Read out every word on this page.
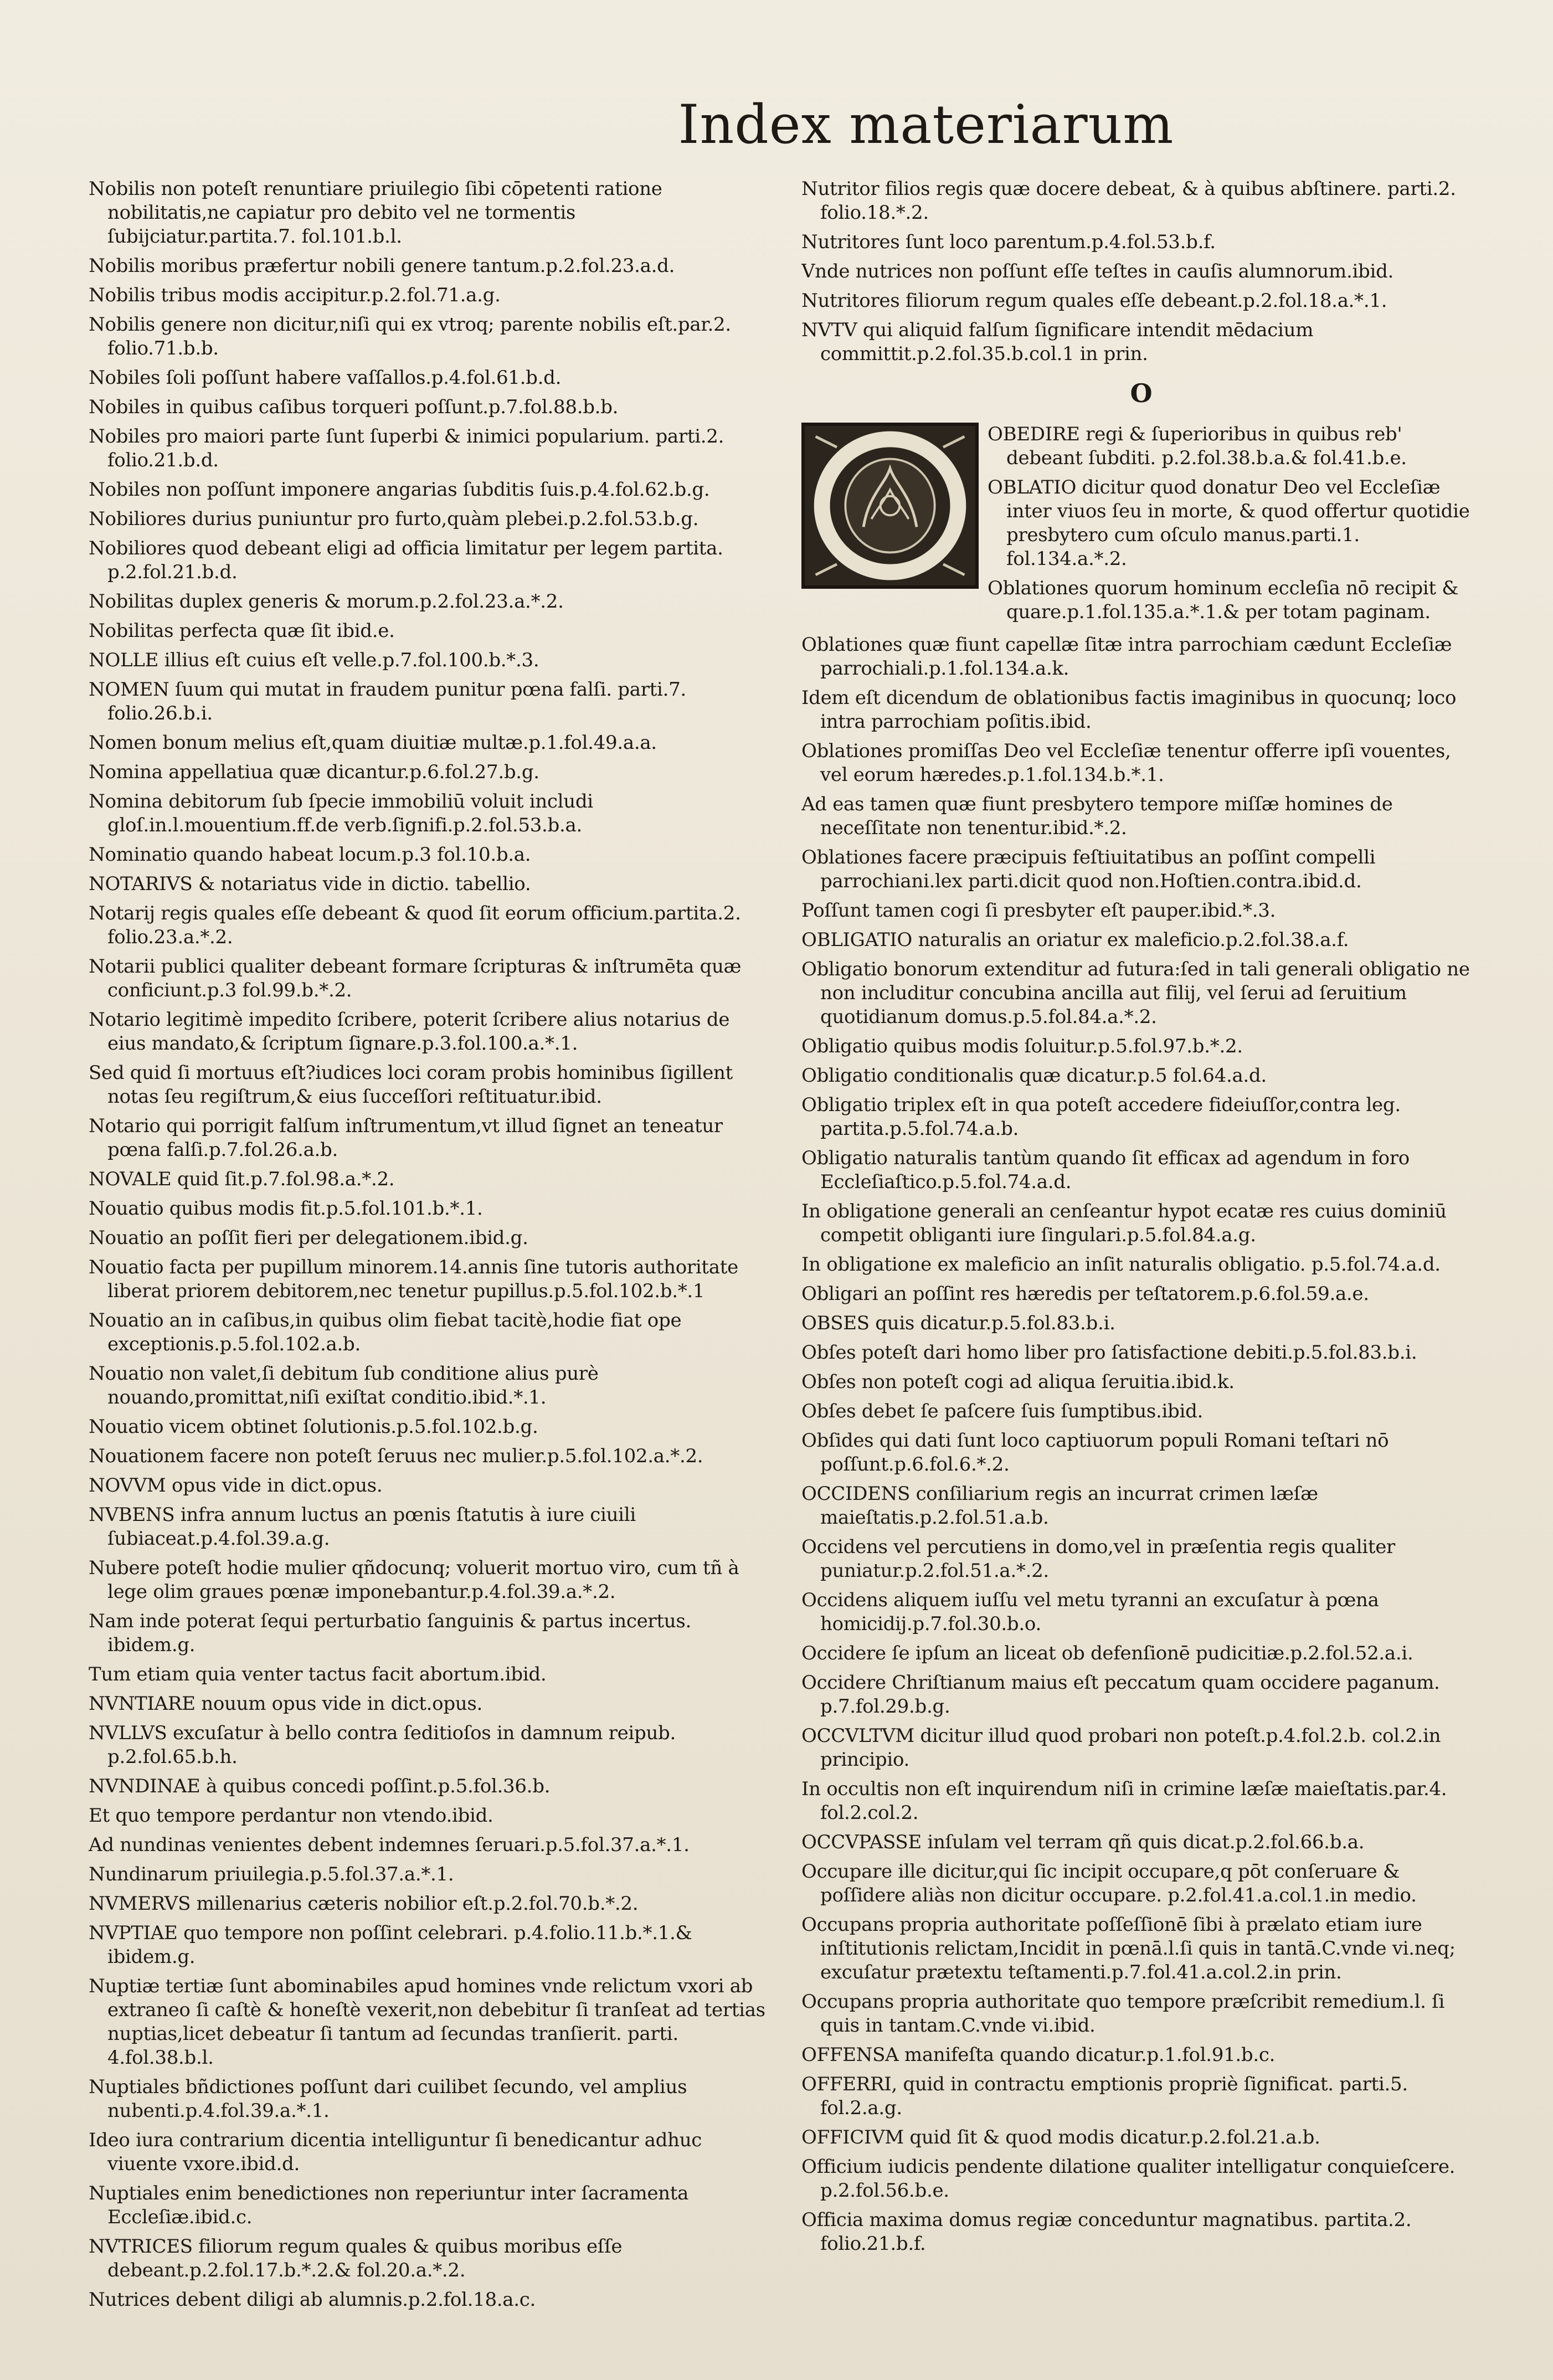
Index materiarum
Nobilis non poteſt renuntiare priuilegio ſibi cōpetenti ratione nobilitatis,ne capiatur pro debito vel ne tormentis ſubijciatur.partita.7. fol.101.b.l.
Nobilis moribus præfertur nobili genere tantum.p.2.fol.23.a.d.
Nobilis tribus modis accipitur.p.2.fol.71.a.g.
Nobilis genere non dicitur,niſi qui ex vtroq; parente nobilis eſt.par.2. folio.71.b.b.
Nobiles ſoli poſſunt habere vaſſallos.p.4.fol.61.b.d.
Nobiles in quibus caſibus torqueri poſſunt.p.7.fol.88.b.b.
Nobiles pro maiori parte ſunt ſuperbi & inimici popularium. parti.2. folio.21.b.d.
Nobiles non poſſunt imponere angarias ſubditis ſuis.p.4.fol.62.b.g.
Nobiliores durius puniuntur pro furto,quàm plebei.p.2.fol.53.b.g.
Nobiliores quod debeant eligi ad officia limitatur per legem partita. p.2.fol.21.b.d.
Nobilitas duplex generis & morum.p.2.fol.23.a.*.2.
Nobilitas perfecta quæ ſit ibid.e.
NOLLE illius eſt cuius eſt velle.p.7.fol.100.b.*.3.
NOMEN ſuum qui mutat in fraudem punitur pœna falſi. parti.7. folio.26.b.i.
Nomen bonum melius eſt,quam diuitiæ multæ.p.1.fol.49.a.a.
Nomina appellatiua quæ dicantur.p.6.fol.27.b.g.
Nomina debitorum ſub ſpecie immobiliū voluit includi gloſ.in.l.mouentium.ff.de verb.ſignifi.p.2.fol.53.b.a.
Nominatio quando habeat locum.p.3 fol.10.b.a.
NOTARIVS & notariatus vide in dictio. tabellio.
Notarij regis quales eſſe debeant & quod ſit eorum officium.partita.2. folio.23.a.*.2.
Notarii publici qualiter debeant formare ſcripturas & inſtrumēta quæ conficiunt.p.3 fol.99.b.*.2.
Notario legitimè impedito ſcribere, poterit ſcribere alius notarius de eius mandato,& ſcriptum ſignare.p.3.fol.100.a.*.1.
Sed quid ſi mortuus eſt?iudices loci coram probis hominibus ſigillent notas ſeu regiſtrum,& eius ſucceſſori reſtituatur.ibid.
Notario qui porrigit falſum inſtrumentum,vt illud ſignet an teneatur pœna falſi.p.7.fol.26.a.b.
NOVALE quid ſit.p.7.fol.98.a.*.2.
Nouatio quibus modis fit.p.5.fol.101.b.*.1.
Nouatio an poſſit fieri per delegationem.ibid.g.
Nouatio facta per pupillum minorem.14.annis ſine tutoris authoritate liberat priorem debitorem,nec tenetur pupillus.p.5.fol.102.b.*.1
Nouatio an in caſibus,in quibus olim fiebat tacitè,hodie fiat ope exceptionis.p.5.fol.102.a.b.
Nouatio non valet,ſi debitum ſub conditione alius purè nouando,promittat,niſi exiſtat conditio.ibid.*.1.
Nouatio vicem obtinet ſolutionis.p.5.fol.102.b.g.
Nouationem facere non poteſt ſeruus nec mulier.p.5.fol.102.a.*.2.
NOVVM opus vide in dict.opus.
NVBENS infra annum luctus an pœnis ſtatutis à iure ciuili ſubiaceat.p.4.fol.39.a.g.
Nubere poteſt hodie mulier qñdocunq; voluerit mortuo viro, cum tñ à lege olim graues pœnæ imponebantur.p.4.fol.39.a.*.2.
Nam inde poterat ſequi perturbatio ſanguinis & partus incertus. ibidem.g.
Tum etiam quia venter tactus facit abortum.ibid.
NVNTIARE nouum opus vide in dict.opus.
NVLLVS excuſatur à bello contra ſeditioſos in damnum reipub. p.2.fol.65.b.h.
NVNDINAE à quibus concedi poſſint.p.5.fol.36.b.
Et quo tempore perdantur non vtendo.ibid.
Ad nundinas venientes debent indemnes ſeruari.p.5.fol.37.a.*.1.
Nundinarum priuilegia.p.5.fol.37.a.*.1.
NVMERVS millenarius cæteris nobilior eſt.p.2.fol.70.b.*.2.
NVPTIAE quo tempore non poſſint celebrari. p.4.folio.11.b.*.1.& ibidem.g.
Nuptiæ tertiæ ſunt abominabiles apud homines vnde relictum vxori ab extraneo ſi caſtè & honeſtè vexerit,non debebitur ſi tranſeat ad tertias nuptias,licet debeatur ſi tantum ad ſecundas tranſierit. parti. 4.fol.38.b.l.
Nuptiales bñdictiones poſſunt dari cuilibet ſecundo, vel amplius nubenti.p.4.fol.39.a.*.1.
Ideo iura contrarium dicentia intelliguntur ſi benedicantur adhuc viuente vxore.ibid.d.
Nuptiales enim benedictiones non reperiuntur inter ſacramenta Eccleſiæ.ibid.c.
NVTRICES filiorum regum quales & quibus moribus eſſe debeant.p.2.fol.17.b.*.2.& fol.20.a.*.2.
Nutrices debent diligi ab alumnis.p.2.fol.18.a.c.
Nutritor filios regis quæ docere debeat, & à quibus abſtinere. parti.2. folio.18.*.2.
Nutritores ſunt loco parentum.p.4.fol.53.b.f.
Vnde nutrices non poſſunt eſſe teſtes in cauſis alumnorum.ibid.
Nutritores filiorum regum quales eſſe debeant.p.2.fol.18.a.*.1.
NVTV qui aliquid falſum ſignificare intendit mēdacium committit.p.2.fol.35.b.col.1 in prin.
O
OBEDIRE regi & ſuperioribus in quibus reb' debeant ſubditi. p.2.fol.38.b.a.& fol.41.b.e.
OBLATIO dicitur quod donatur Deo vel Eccleſiæ inter viuos ſeu in morte, & quod offertur quotidie presbytero cum oſculo manus.parti.1. fol.134.a.*.2.
Oblationes quorum hominum eccleſia nō recipit & quare.p.1.fol.135.a.*.1.& per totam paginam.
Oblationes quæ fiunt capellæ ſitæ intra parrochiam cædunt Eccleſiæ parrochiali.p.1.fol.134.a.k.
Idem eſt dicendum de oblationibus factis imaginibus in quocunq; loco intra parrochiam poſitis.ibid.
Oblationes promiſſas Deo vel Eccleſiæ tenentur offerre ipſi vouentes, vel eorum hæredes.p.1.fol.134.b.*.1.
Ad eas tamen quæ fiunt presbytero tempore miſſæ homines de neceſſitate non tenentur.ibid.*.2.
Oblationes facere præcipuis feſtiuitatibus an poſſint compelli parrochiani.lex parti.dicit quod non.Hoſtien.contra.ibid.d.
Poſſunt tamen cogi ſi presbyter eſt pauper.ibid.*.3.
OBLIGATIO naturalis an oriatur ex maleficio.p.2.fol.38.a.f.
Obligatio bonorum extenditur ad futura:ſed in tali generali obligatio ne non includitur concubina ancilla aut filij, vel ſerui ad ſeruitium quotidianum domus.p.5.fol.84.a.*.2.
Obligatio quibus modis ſoluitur.p.5.fol.97.b.*.2.
Obligatio conditionalis quæ dicatur.p.5 fol.64.a.d.
Obligatio triplex eſt in qua poteſt accedere fideiuſſor,contra leg. partita.p.5.fol.74.a.b.
Obligatio naturalis tantùm quando ſit efficax ad agendum in foro Eccleſiaſtico.p.5.fol.74.a.d.
In obligatione generali an cenſeantur hypot ecatæ res cuius dominiū competit obliganti iure ſingulari.p.5.fol.84.a.g.
In obligatione ex maleficio an inſit naturalis obligatio. p.5.fol.74.a.d.
Obligari an poſſint res hæredis per teſtatorem.p.6.fol.59.a.e.
OBSES quis dicatur.p.5.fol.83.b.i.
Obſes poteſt dari homo liber pro ſatisfactione debiti.p.5.fol.83.b.i.
Obſes non poteſt cogi ad aliqua ſeruitia.ibid.k.
Obſes debet ſe paſcere ſuis ſumptibus.ibid.
Obſides qui dati ſunt loco captiuorum populi Romani teſtari nō poſſunt.p.6.fol.6.*.2.
OCCIDENS conſiliarium regis an incurrat crimen læſæ maieſtatis.p.2.fol.51.a.b.
Occidens vel percutiens in domo,vel in præſentia regis qualiter puniatur.p.2.fol.51.a.*.2.
Occidens aliquem iuſſu vel metu tyranni an excuſatur à pœna homicidij.p.7.fol.30.b.o.
Occidere ſe ipſum an liceat ob defenſionē pudicitiæ.p.2.fol.52.a.i.
Occidere Chriſtianum maius eſt peccatum quam occidere paganum. p.7.fol.29.b.g.
OCCVLTVM dicitur illud quod probari non poteſt.p.4.fol.2.b. col.2.in principio.
In occultis non eſt inquirendum niſi in crimine læſæ maieſtatis.par.4. fol.2.col.2.
OCCVPASSE inſulam vel terram qñ quis dicat.p.2.fol.66.b.a.
Occupare ille dicitur,qui ſic incipit occupare,q pōt conſeruare & poſſidere aliàs non dicitur occupare. p.2.fol.41.a.col.1.in medio.
Occupans propria authoritate poſſeſſionē ſibi à prælato etiam iure inſtitutionis relictam,Incidit in pœnā.l.ſi quis in tantā.C.vnde vi.neq; excuſatur prætextu teſtamenti.p.7.fol.41.a.col.2.in prin.
Occupans propria authoritate quo tempore præſcribit remedium.l. ſi quis in tantam.C.vnde vi.ibid.
OFFENSA manifeſta quando dicatur.p.1.fol.91.b.c.
OFFERRI, quid in contractu emptionis propriè ſignificat. parti.5. fol.2.a.g.
OFFICIVM quid ſit & quod modis dicatur.p.2.fol.21.a.b.
Officium iudicis pendente dilatione qualiter intelligatur conquieſcere. p.2.fol.56.b.e.
Officia maxima domus regiæ conceduntur magnatibus. partita.2. folio.21.b.f.
